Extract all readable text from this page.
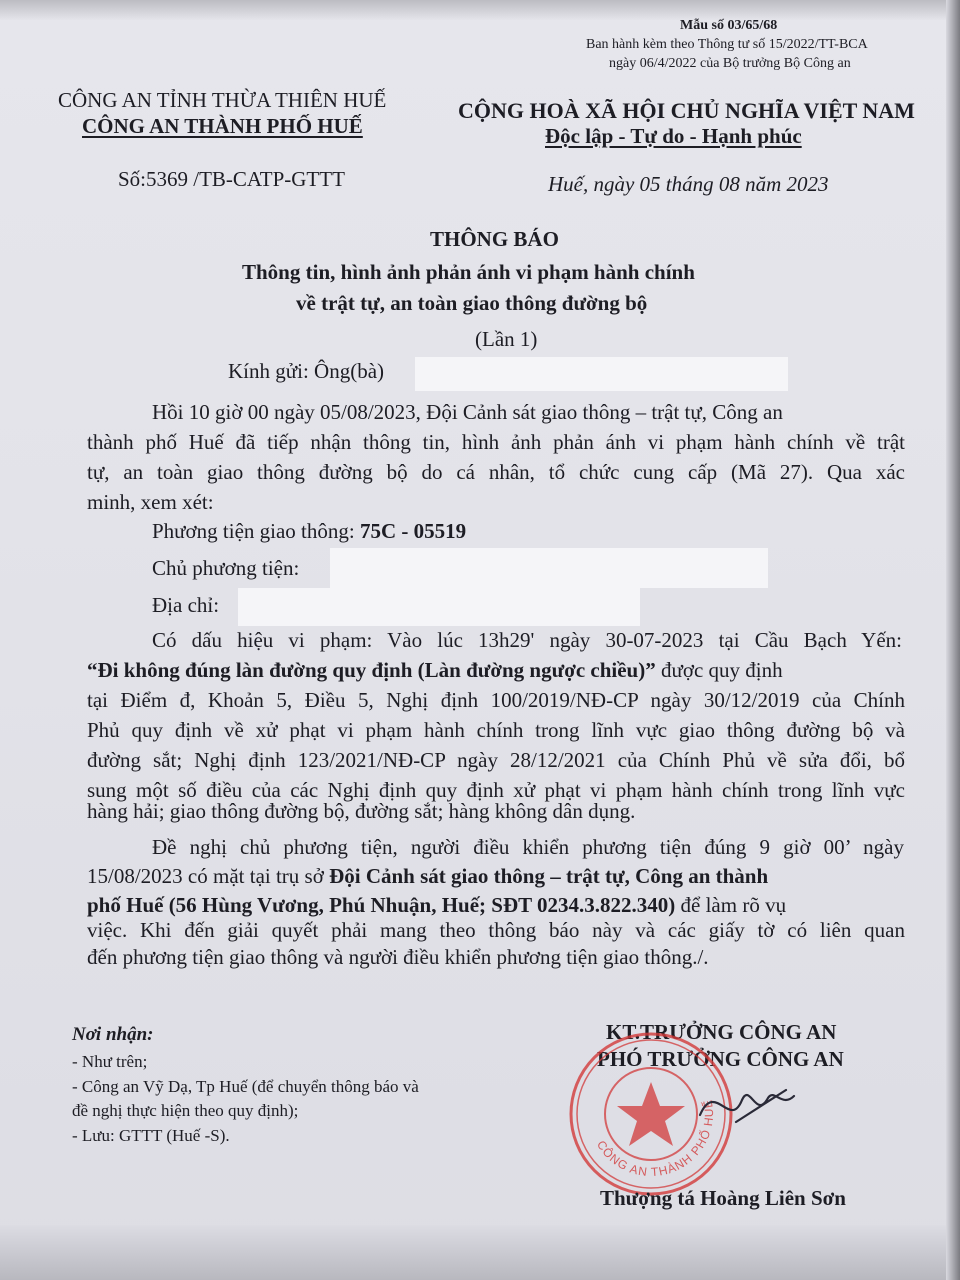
Mẫu số 03/65/68
Ban hành kèm theo Thông tư số 15/2022/TT-BCA
ngày 06/4/2022 của Bộ trưởng Bộ Công an
CÔNG AN TỈNH THỪA THIÊN HUẾ
CÔNG AN THÀNH PHỐ HUẾ
Số:5369 /TB-CATP-GTTT
CỘNG HOÀ XÃ HỘI CHỦ NGHĨA VIỆT NAM
Độc lập - Tự do - Hạnh phúc
Huế, ngày 05 tháng 08 năm 2023
THÔNG BÁO
Thông tin, hình ảnh phản ánh vi phạm hành chính
về trật tự, an toàn giao thông đường bộ
(Lần 1)
Kính gửi: Ông(bà)
Hồi 10 giờ 00 ngày 05/08/2023, Đội Cảnh sát giao thông – trật tự, Công an
thành phố Huế đã tiếp nhận thông tin, hình ảnh phản ánh vi phạm hành chính về trật
tự, an toàn giao thông đường bộ do cá nhân, tổ chức cung cấp (Mã 27). Qua xác
minh, xem xét:
Phương tiện giao thông: 75C - 05519
Chủ phương tiện:
Địa chỉ:
Có dấu hiệu vi phạm: Vào lúc 13h29' ngày 30-07-2023 tại Cầu Bạch Yến:
“Đi không đúng làn đường quy định (Làn đường ngược chiều)” được quy định
tại Điểm đ, Khoản 5, Điều 5, Nghị định 100/2019/NĐ-CP ngày 30/12/2019 của Chính
Phủ quy định về xử phạt vi phạm hành chính trong lĩnh vực giao thông đường bộ và
đường sắt; Nghị định 123/2021/NĐ-CP ngày 28/12/2021 của Chính Phủ về sửa đổi, bổ
sung một số điều của các Nghị định quy định xử phạt vi phạm hành chính trong lĩnh vực
hàng hải; giao thông đường bộ, đường sắt; hàng không dân dụng.
Đề nghị chủ phương tiện, người điều khiển phương tiện đúng 9 giờ 00’ ngày
15/08/2023 có mặt tại trụ sở Đội Cảnh sát giao thông – trật tự, Công an thành
phố Huế (56 Hùng Vương, Phú Nhuận, Huế; SĐT 0234.3.822.340) để làm rõ vụ
việc. Khi đến giải quyết phải mang theo thông báo này và các giấy tờ có liên quan
đến phương tiện giao thông và người điều khiển phương tiện giao thông./.
Nơi nhận:
- Như trên;
- Công an Vỹ Dạ, Tp Huế (để chuyển thông báo và
đề nghị thực hiện theo quy định);
- Lưu: GTTT (Huế -S).
KT.TRƯỞNG CÔNG AN
PHÓ TRƯỞNG CÔNG AN
CÔNG AN THÀNH PHỐ HUẾ
Thượng tá Hoàng Liên Sơn
